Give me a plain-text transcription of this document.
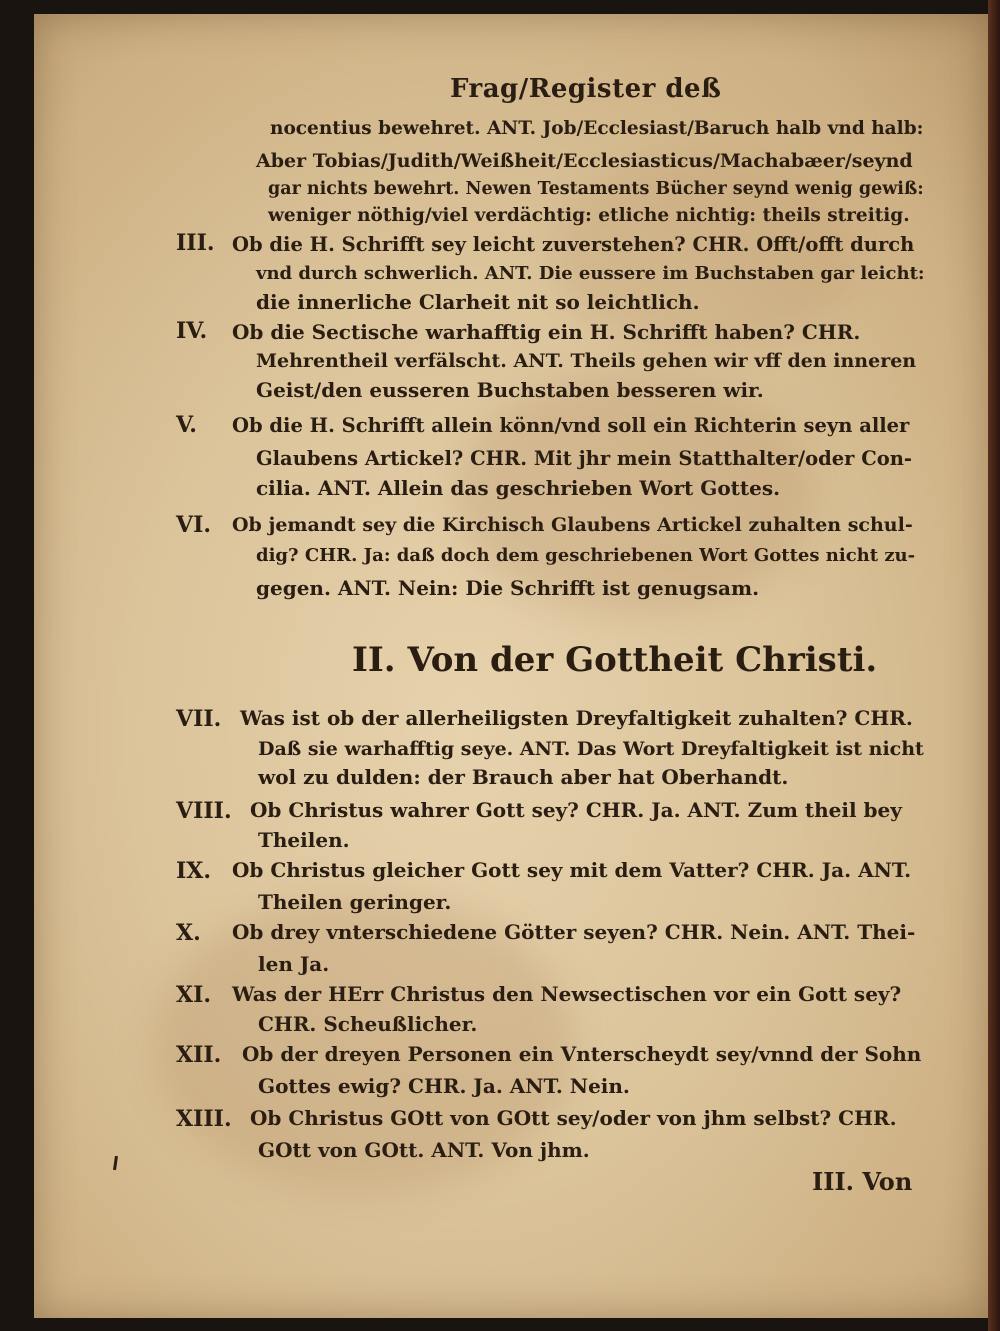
Frag/Register deß
nocentius bewehret. ANT. Job/Ecclesiast/Baruch halb vnd halb:
Aber Tobias/Judith/Weißheit/Ecclesiasticus/Machabæer/seynd
gar nichts bewehrt. Newen Testaments Bücher seynd wenig gewiß:
weniger nöthig/viel verdächtig: etliche nichtig: theils streitig.
III. Ob die H. Schrifft sey leicht zuverstehen? CHR. Offt/offt durch
vnd durch schwerlich. ANT. Die eussere im Buchstaben gar leicht:
die innerliche Clarheit nit so leichtlich.
IV. Ob die Sectische warhafftig ein H. Schrifft haben? CHR.
Mehrentheil verfälscht. ANT. Theils gehen wir vff den inneren
Geist/den eusseren Buchstaben besseren wir.
V. Ob die H. Schrifft allein könn/vnd soll ein Richterin seyn aller
Glaubens Artickel? CHR. Mit jhr mein Statthalter/oder Con-
cilia. ANT. Allein das geschrieben Wort Gottes.
VI. Ob jemandt sey die Kirchisch Glaubens Artickel zuhalten schul-
dig? CHR. Ja: daß doch dem geschriebenen Wort Gottes nicht zu-
gegen. ANT. Nein: Die Schrifft ist genugsam.
II. Von der Gottheit Christi.
VII. Was ist ob der allerheiligsten Dreyfaltigkeit zuhalten? CHR.
Daß sie warhafftig seye. ANT. Das Wort Dreyfaltigkeit ist nicht
wol zu dulden: der Brauch aber hat Oberhandt.
VIII. Ob Christus wahrer Gott sey? CHR. Ja. ANT. Zum theil bey
Theilen.
IX. Ob Christus gleicher Gott sey mit dem Vatter? CHR. Ja. ANT.
Theilen geringer.
X. Ob drey vnterschiedene Götter seyen? CHR. Nein. ANT. Thei-
len Ja.
XI. Was der HErr Christus den Newsectischen vor ein Gott sey?
CHR. Scheußlicher.
XII. Ob der dreyen Personen ein Vnterscheydt sey/vnnd der Sohn
Gottes ewig? CHR. Ja. ANT. Nein.
XIII. Ob Christus GOtt von GOtt sey/oder von jhm selbst? CHR.
GOtt von GOtt. ANT. Von jhm.
III. Von
